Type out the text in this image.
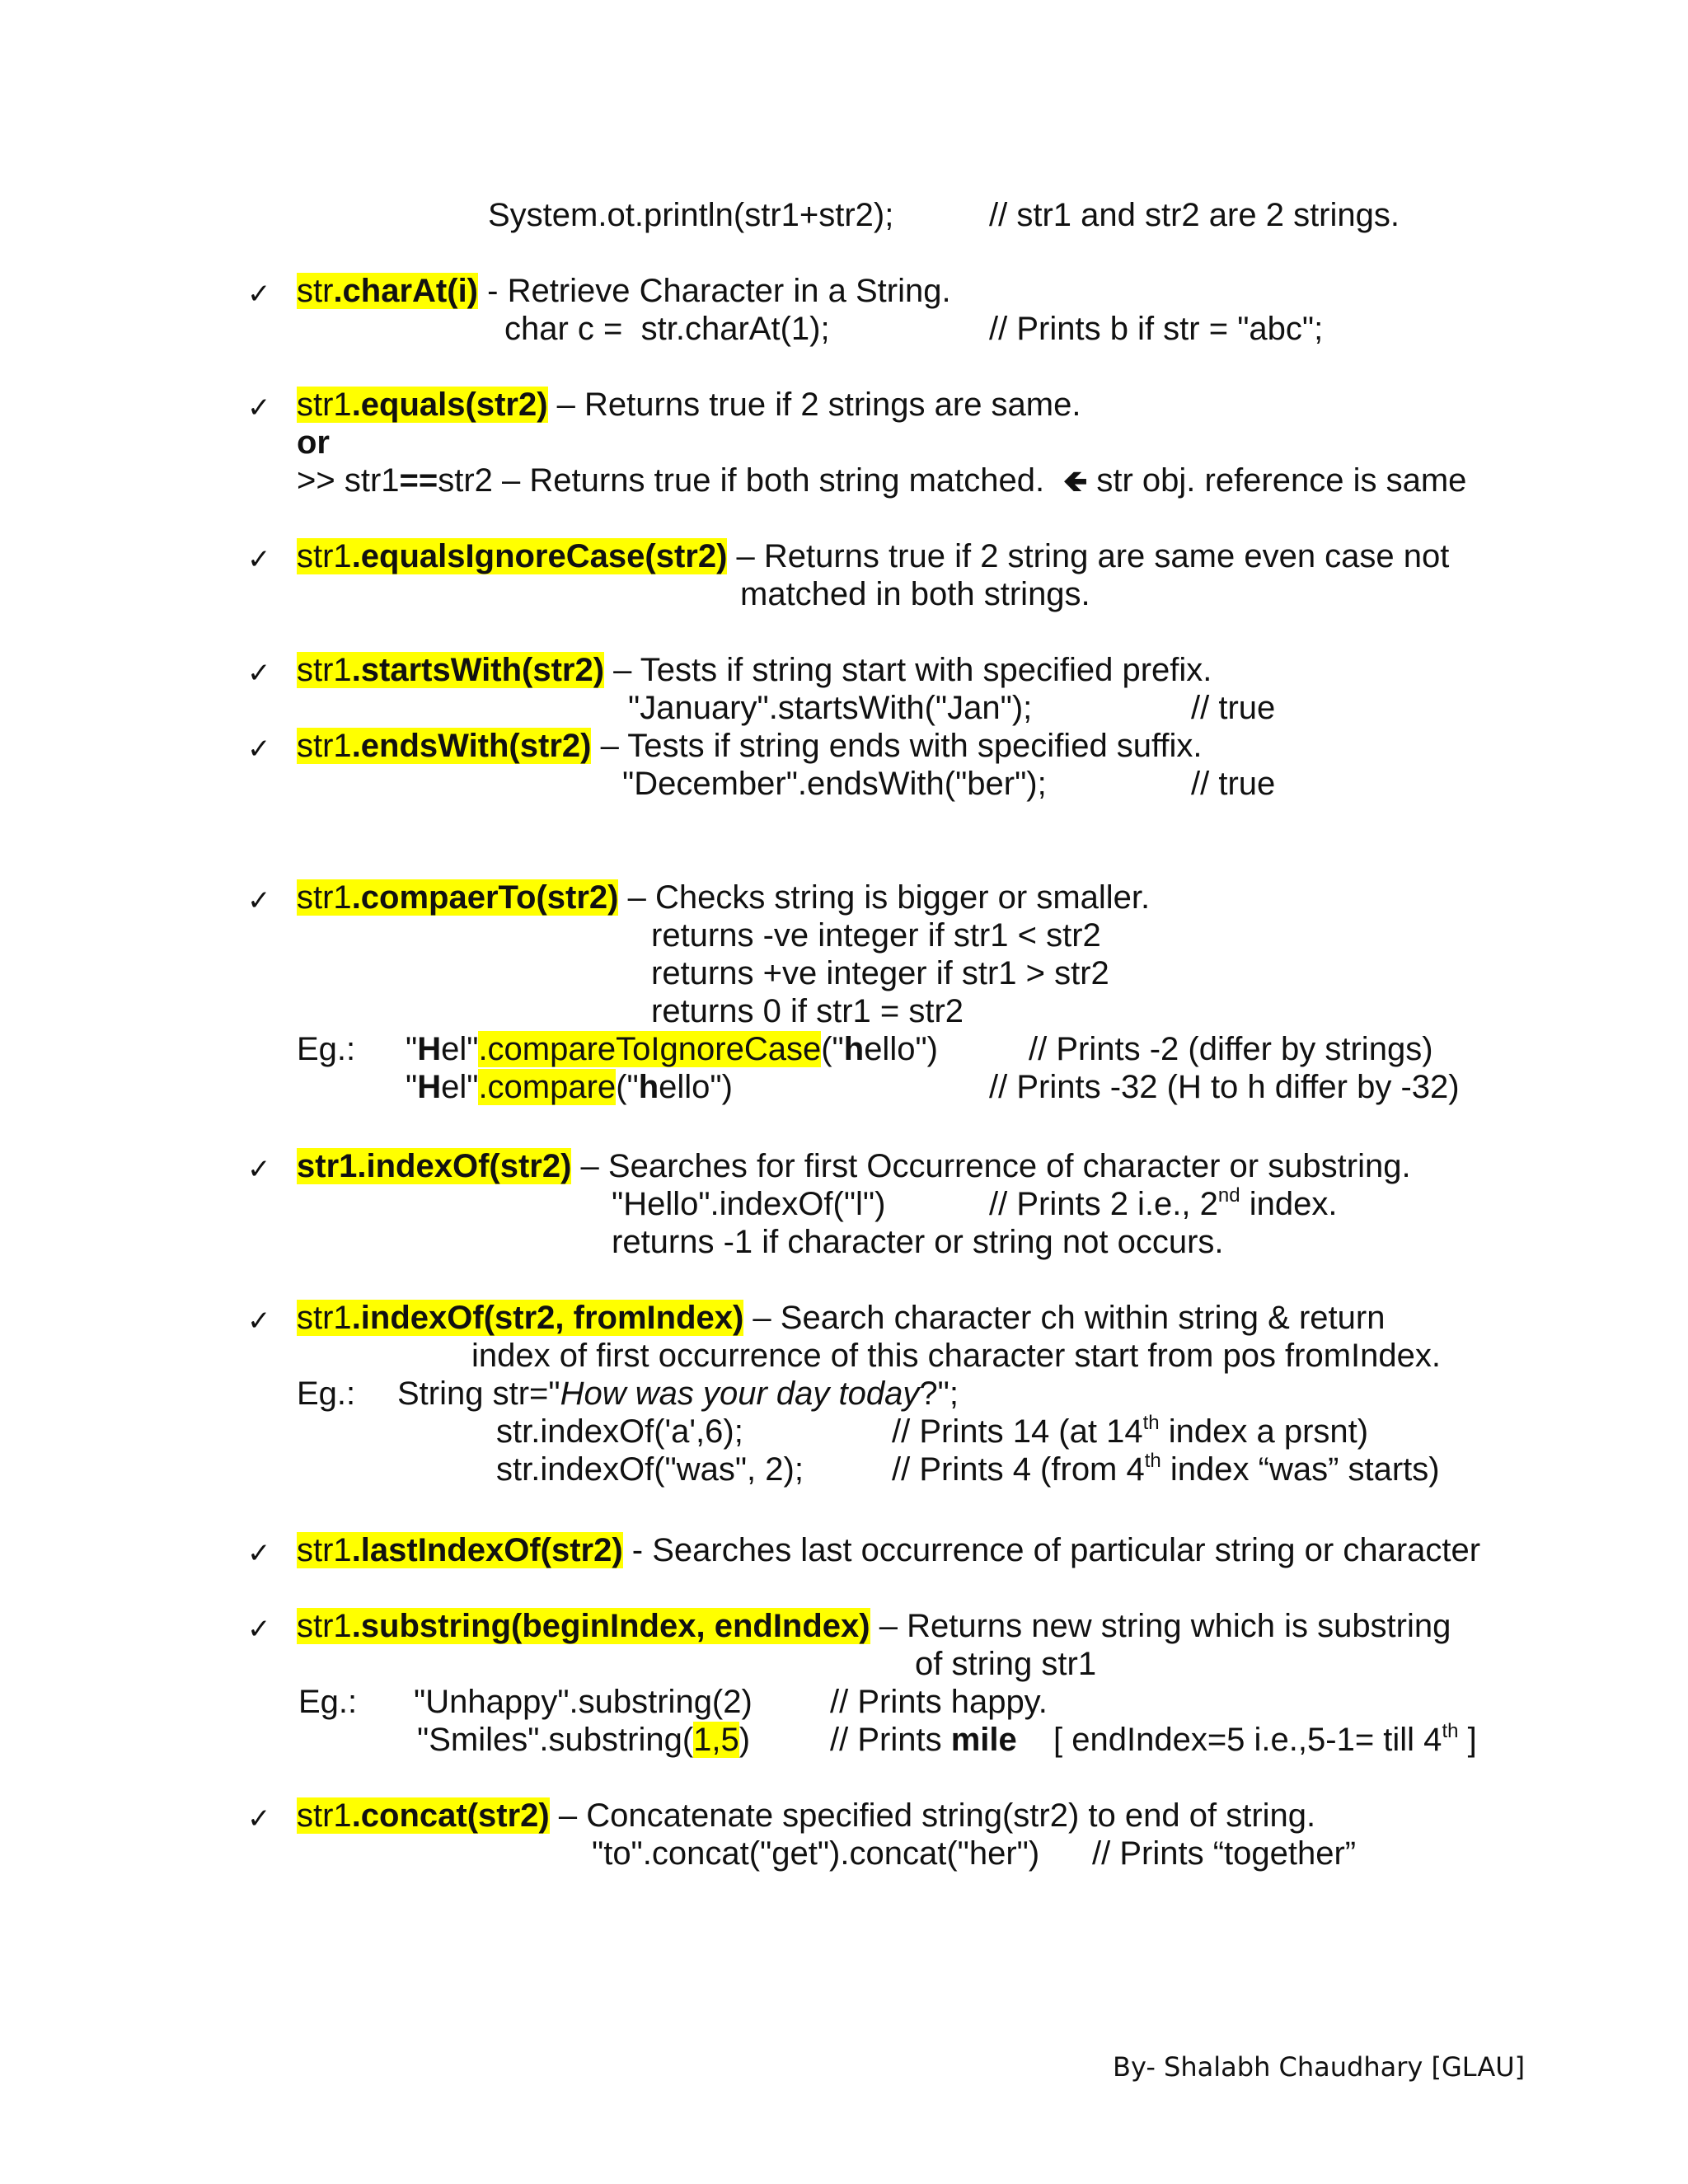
System.ot.println(str1+str2);	// str1 and str2 are 2 strings.
✓ str.charAt(i) - Retrieve Character in a String.
char c =  str.charAt(1);	// Prints b if str = "abc";
✓ str1.equals(str2) – Returns true if 2 strings are same.
or
>> str1==str2 – Returns true if both string matched. 🡸 str obj. reference is same
✓ str1.equalsIgnoreCase(str2) – Returns true if 2 string are same even case not
matched in both strings.
✓ str1.startsWith(str2) – Tests if string start with specified prefix.
"January".startsWith("Jan");	// true
✓ str1.endsWith(str2) – Tests if string ends with specified suffix.
"December".endsWith("ber");	// true
✓ str1.compaerTo(str2) – Checks string is bigger or smaller.
returns -ve integer if str1 < str2
returns +ve integer if str1 > str2
returns 0 if str1 = str2
Eg.: "Hel".compareToIgnoreCase("hello")	// Prints -2 (differ by strings)
"Hel".compare("hello")	// Prints -32 (H to h differ by -32)
✓ str1.indexOf(str2) – Searches for first Occurrence of character or substring.
"Hello".indexOf("l")	// Prints 2 i.e., 2nd index.
returns -1 if character or string not occurs.
✓ str1.indexOf(str2, fromIndex) – Search character ch within string & return
index of first occurrence of this character start from pos fromIndex.
Eg.: String str="How was your day today?";
str.indexOf('a',6);	// Prints 14 (at 14th index a prsnt)
str.indexOf("was", 2);	// Prints 4 (from 4th index “was” starts)
✓ str1.lastIndexOf(str2) - Searches last occurrence of particular string or character
✓ str1.substring(beginIndex, endIndex) – Returns new string which is substring
of string str1
Eg.: "Unhappy".substring(2) // Prints happy.
"Smiles".substring(1,5) // Prints mile [ endIndex=5 i.e.,5-1= till 4th ]
✓ str1.concat(str2) – Concatenate specified string(str2) to end of string.
"to".concat("get").concat("her") // Prints “together”
By- Shalabh Chaudhary [GLAU]
